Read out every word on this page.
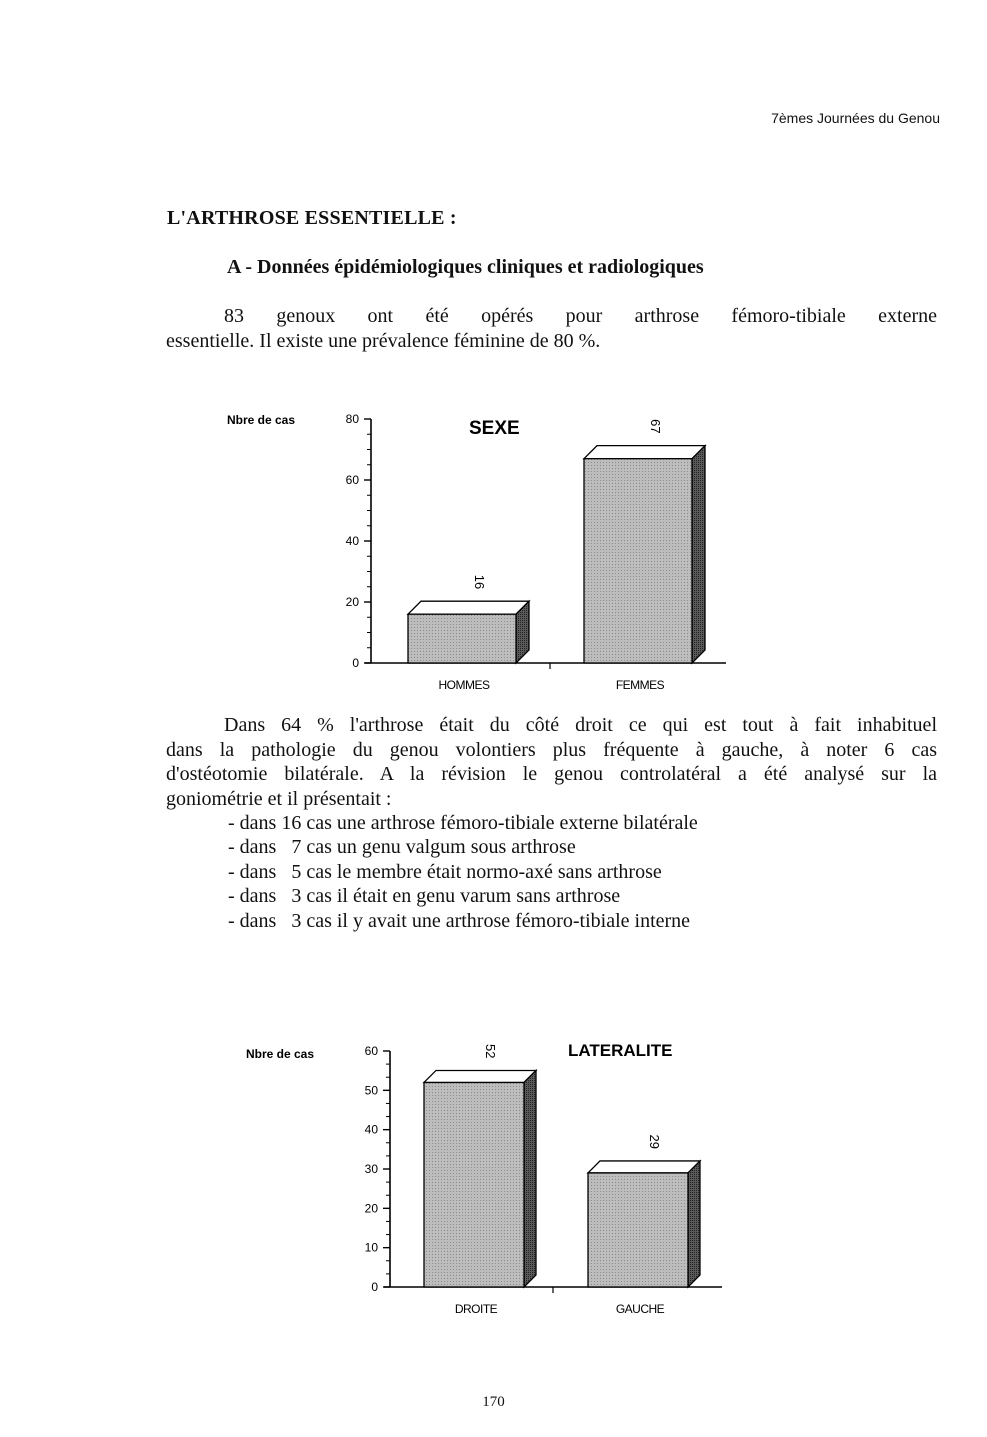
7èmes Journées du Genou
L'ARTHROSE ESSENTIELLE :
A - Données épidémiologiques cliniques et radiologiques
83 genoux ont été opérés pour arthrose fémoro-tibiale externe
essentielle. Il existe une prévalence féminine de 80 %.
Nbre de cas
0
20
40
60
80	SEXE
16
HOMMES
67
FEMMES
Dans 64 % l'arthrose était du côté droit ce qui est tout à fait inhabituel
dans la pathologie du genou volontiers plus fréquente à gauche, à noter 6 cas
d'ostéotomie bilatérale. A la révision le genou controlatéral a été analysé sur la
goniométrie et il présentait :
- dans 16 cas une arthrose fémoro-tibiale externe bilatérale
- dans   7 cas un genu valgum sous arthrose
- dans   5 cas le membre était normo-axé sans arthrose
- dans   3 cas il était en genu varum sans arthrose
- dans   3 cas il y avait une arthrose fémoro-tibiale interne
Nbre de cas
0
10
20
30
40
50
60	LATERALITE
52
DROITE
29
GAUCHE
170
